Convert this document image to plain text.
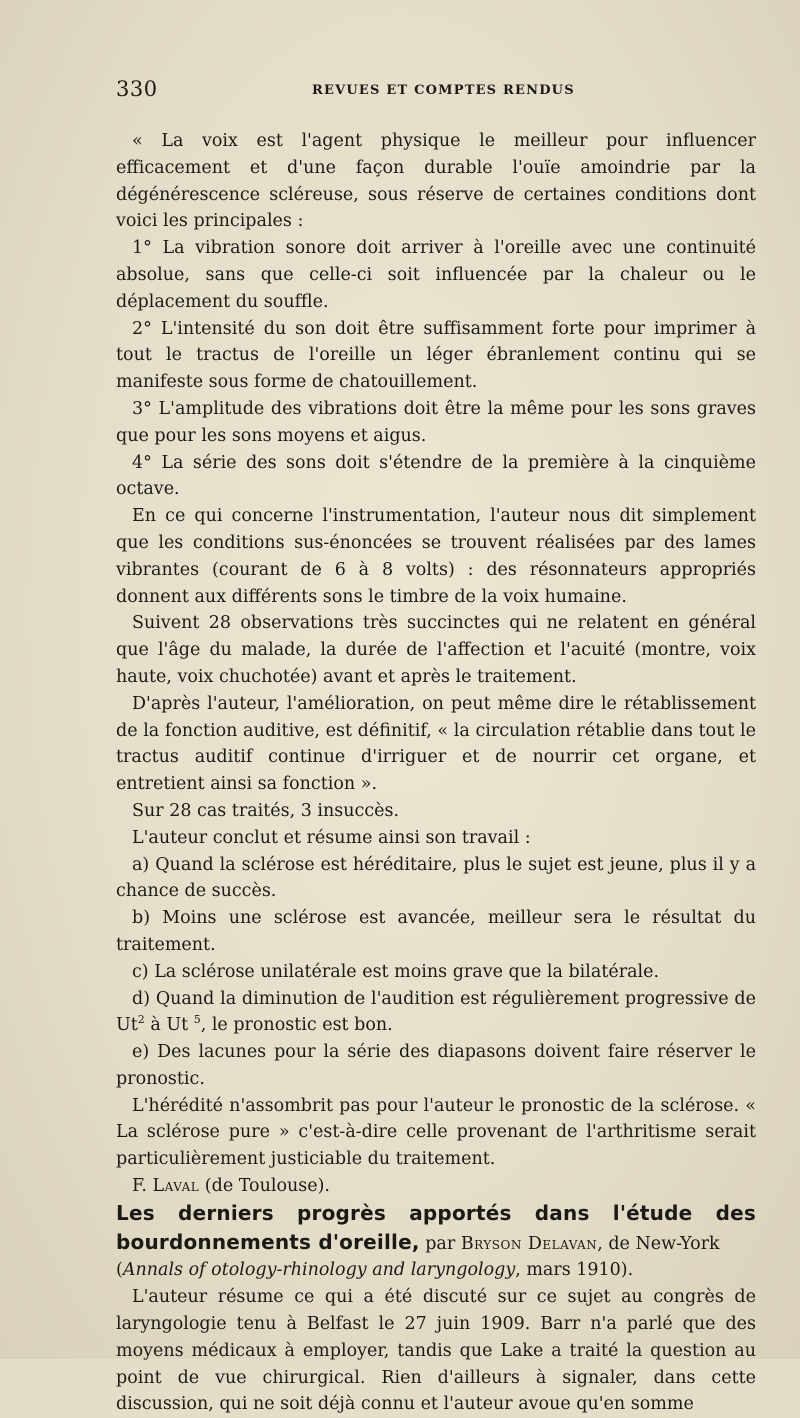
330	REVUES ET COMPTES RENDUS

« La voix est l'agent physique le meilleur pour influencer efficacement et d'une façon durable l'ouïe amoindrie par la dégénérescence scléreuse, sous réserve de certaines conditions dont voici les principales :

1° La vibration sonore doit arriver à l'oreille avec une continuité absolue, sans que celle-ci soit influencée par la chaleur ou le déplacement du souffle.

2° L'intensité du son doit être suffisamment forte pour imprimer à tout le tractus de l'oreille un léger ébranlement continu qui se manifeste sous forme de chatouillement.

3° L'amplitude des vibrations doit être la même pour les sons graves que pour les sons moyens et aigus.

4° La série des sons doit s'étendre de la première à la cinquième octave.

En ce qui concerne l'instrumentation, l'auteur nous dit simplement que les conditions sus-énoncées se trouvent réalisées par des lames vibrantes (courant de 6 à 8 volts) : des résonnateurs appropriés donnent aux différents sons le timbre de la voix humaine.

Suivent 28 observations très succinctes qui ne relatent en général que l'âge du malade, la durée de l'affection et l'acuité (montre, voix haute, voix chuchotée) avant et après le traitement.

D'après l'auteur, l'amélioration, on peut même dire le rétablissement de la fonction auditive, est définitif, « la circulation rétablie dans tout le tractus auditif continue d'irriguer et de nourrir cet organe, et entretient ainsi sa fonction ».

Sur 28 cas traités, 3 insuccès.

L'auteur conclut et résume ainsi son travail :

a) Quand la sclérose est héréditaire, plus le sujet est jeune, plus il y a chance de succès.

b) Moins une sclérose est avancée, meilleur sera le résultat du traitement.

c) La sclérose unilatérale est moins grave que la bilatérale.

d) Quand la diminution de l'audition est régulièrement progressive de Ut$^2$ à Ut $^5$, le pronostic est bon.

e) Des lacunes pour la série des diapasons doivent faire réserver le pronostic.

L'hérédité n'assombrit pas pour l'auteur le pronostic de la sclérose. « La sclérose pure » c'est-à-dire celle provenant de l'arthritisme serait particulièrement justiciable du traitement.

F. Laval (de Toulouse).

Les derniers progrès apportés dans l'étude des bourdonnements d'oreille, par Bryson Delavan, de New-York
(Annals of otology-rhinology and laryngology, mars 1910).

L'auteur résume ce qui a été discuté sur ce sujet au congrès de laryngologie tenu à Belfast le 27 juin 1909. Barr n'a parlé que des moyens médicaux à employer, tandis que Lake a traité la question au point de vue chirurgical. Rien d'ailleurs à signaler, dans cette discussion, qui ne soit déjà connu et l'auteur avoue qu'en somme
